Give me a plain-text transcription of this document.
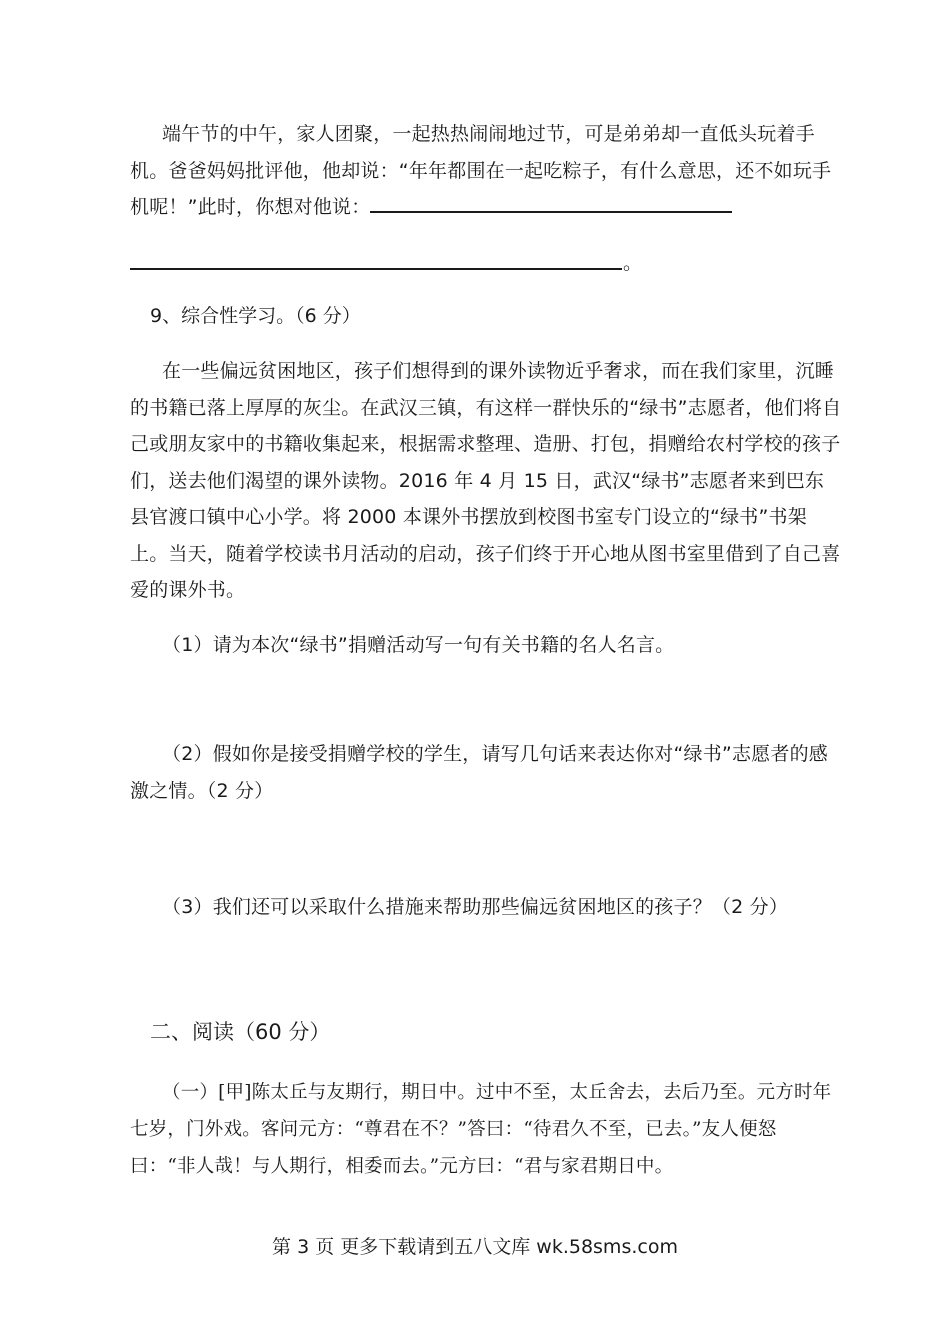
端午节的中午，家人团聚，一起热热闹闹地过节，可是弟弟却一直低头玩着手机。爸爸妈妈批评他，他却说：“年年都围在一起吃粽子，有什么意思，还不如玩手机呢！”此时，你想对他说：
。
9、综合性学习。（6 分）
在一些偏远贫困地区，孩子们想得到的课外读物近乎奢求，而在我们家里，沉睡的书籍已落上厚厚的灰尘。在武汉三镇，有这样一群快乐的“绿书”志愿者，他们将自己或朋友家中的书籍收集起来，根据需求整理、造册、打包，捐赠给农村学校的孩子们，送去他们渴望的课外读物。2016 年 4 月 15 日，武汉“绿书”志愿者来到巴东县官渡口镇中心小学。将 2000 本课外书摆放到校图书室专门设立的“绿书”书架上。当天，随着学校读书月活动的启动，孩子们终于开心地从图书室里借到了自己喜爱的课外书。
（1）请为本次“绿书”捐赠活动写一句有关书籍的名人名言。
（2）假如你是接受捐赠学校的学生，请写几句话来表达你对“绿书”志愿者的感激之情。（2 分）
（3）我们还可以采取什么措施来帮助那些偏远贫困地区的孩子？（2 分）
二、阅读（60 分）
（一）[甲]陈太丘与友期行，期日中。过中不至，太丘舍去，去后乃至。元方时年七岁，门外戏。客问元方：“尊君在不？”答曰：“待君久不至，已去。”友人便怒曰：“非人哉！与人期行，相委而去。”元方曰：“君与家君期日中。
第 3 页 更多下载请到五八文库 wk.58sms.com
